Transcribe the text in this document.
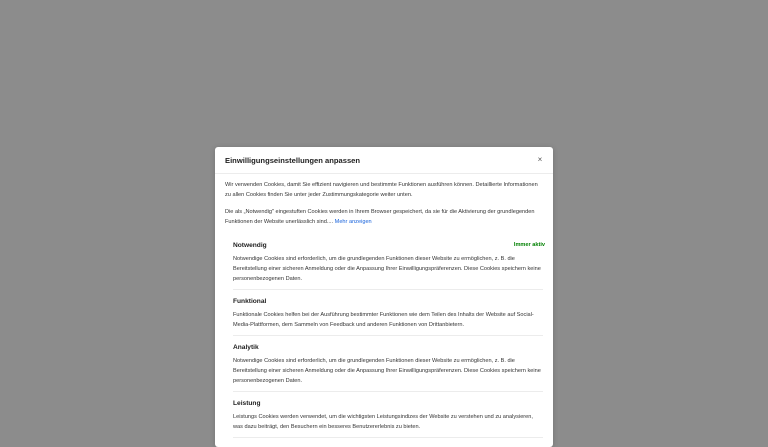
Einwilligungseinstellungen anpassen	×

Wir verwenden Cookies, damit Sie effizient navigieren und bestimmte Funktionen ausführen können. Detaillierte Informationen zu allen Cookies finden Sie unter jeder Zustimmungskategorie weiter unten.

Die als „Notwendig" eingestuften Cookies werden in Ihrem Browser gespeichert, da sie für die Aktivierung der grundlegenden Funktionen der Website unerlässlich sind.... Mehr anzeigen

Notwendig	Immer aktiv
Notwendige Cookies sind erforderlich, um die grundlegenden Funktionen dieser Website zu ermöglichen, z. B. die Bereitstellung einer sicheren Anmeldung oder die Anpassung Ihrer Einwilligungspräferenzen. Diese Cookies speichern keine personenbezogenen Daten.
Funktional
Funktionale Cookies helfen bei der Ausführung bestimmter Funktionen wie dem Teilen des Inhalts der Website auf Social-Media-Plattformen, dem Sammeln von Feedback und anderen Funktionen von Drittanbietern.
Analytik
Notwendige Cookies sind erforderlich, um die grundlegenden Funktionen dieser Website zu ermöglichen, z. B. die Bereitstellung einer sicheren Anmeldung oder die Anpassung Ihrer Einwilligungspräferenzen. Diese Cookies speichern keine personenbezogenen Daten.
Leistung
Leistungs Cookies werden verwendet, um die wichtigsten Leistungsindizes der Website zu verstehen und zu analysieren, was dazu beiträgt, den Besuchern ein besseres Benutzererlebnis zu bieten.
